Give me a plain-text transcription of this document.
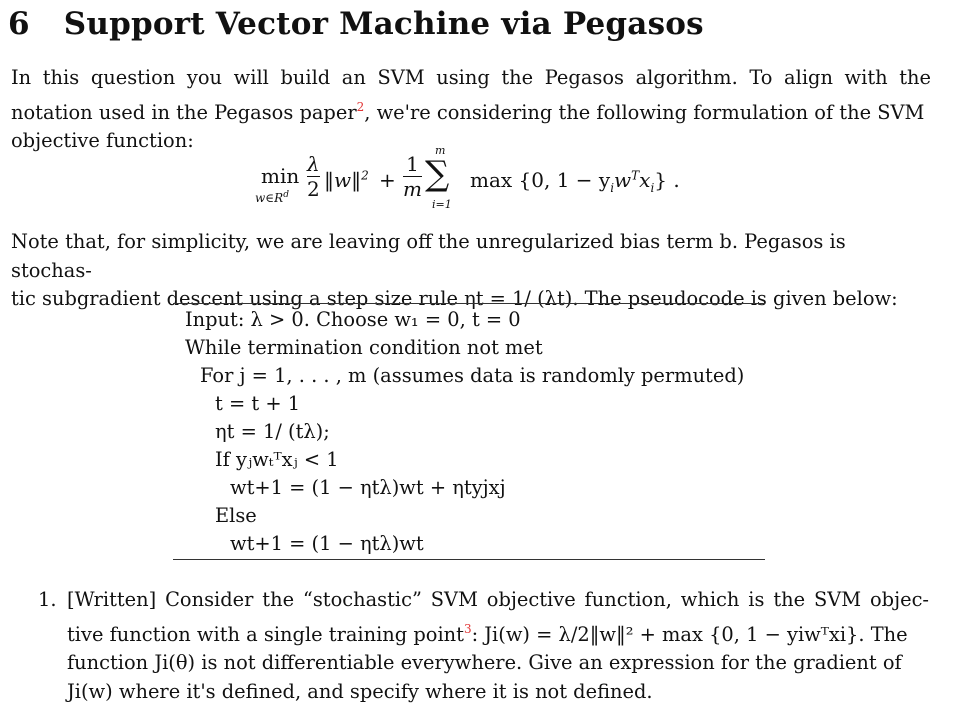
6 Support Vector Machine via Pegasos
In this question you will build an SVM using the Pegasos algorithm. To align with the
notation used in the Pegasos paper$^2$, we're considering the following formulation of the SVM
objective function:
min
$w\in R^d$
λ
2 ‖w‖$^2$ +
1
m
m
∑
i=1
max {0, $1 - y_iw^Tx_i$} .
Note that, for simplicity, we are leaving off the unregularized bias term b. Pegasos is stochas-
tic subgradient descent using a step size rule ηt = 1/ (λt). The pseudocode is given below:
Input: λ > 0. Choose w₁ = 0, t = 0
While termination condition not met
For j = 1, . . . , m (assumes data is randomly permuted)
t = t + 1
ηt = 1/ (tλ);
If yⱼwₜᵀxⱼ < 1
wt+1 = (1 − ηtλ)wt + ηtyjxj
Else
wt+1 = (1 − ηtλ)wt
1. [Written] Consider the “stochastic” SVM objective function, which is the SVM objec-
tive function with a single training point$^3$: Ji(w) = λ/2‖w‖² + max {0, 1 − yiwᵀxi}. The
function Ji(θ) is not differentiable everywhere. Give an expression for the gradient of
Ji(w) where it's defined, and specify where it is not defined.
